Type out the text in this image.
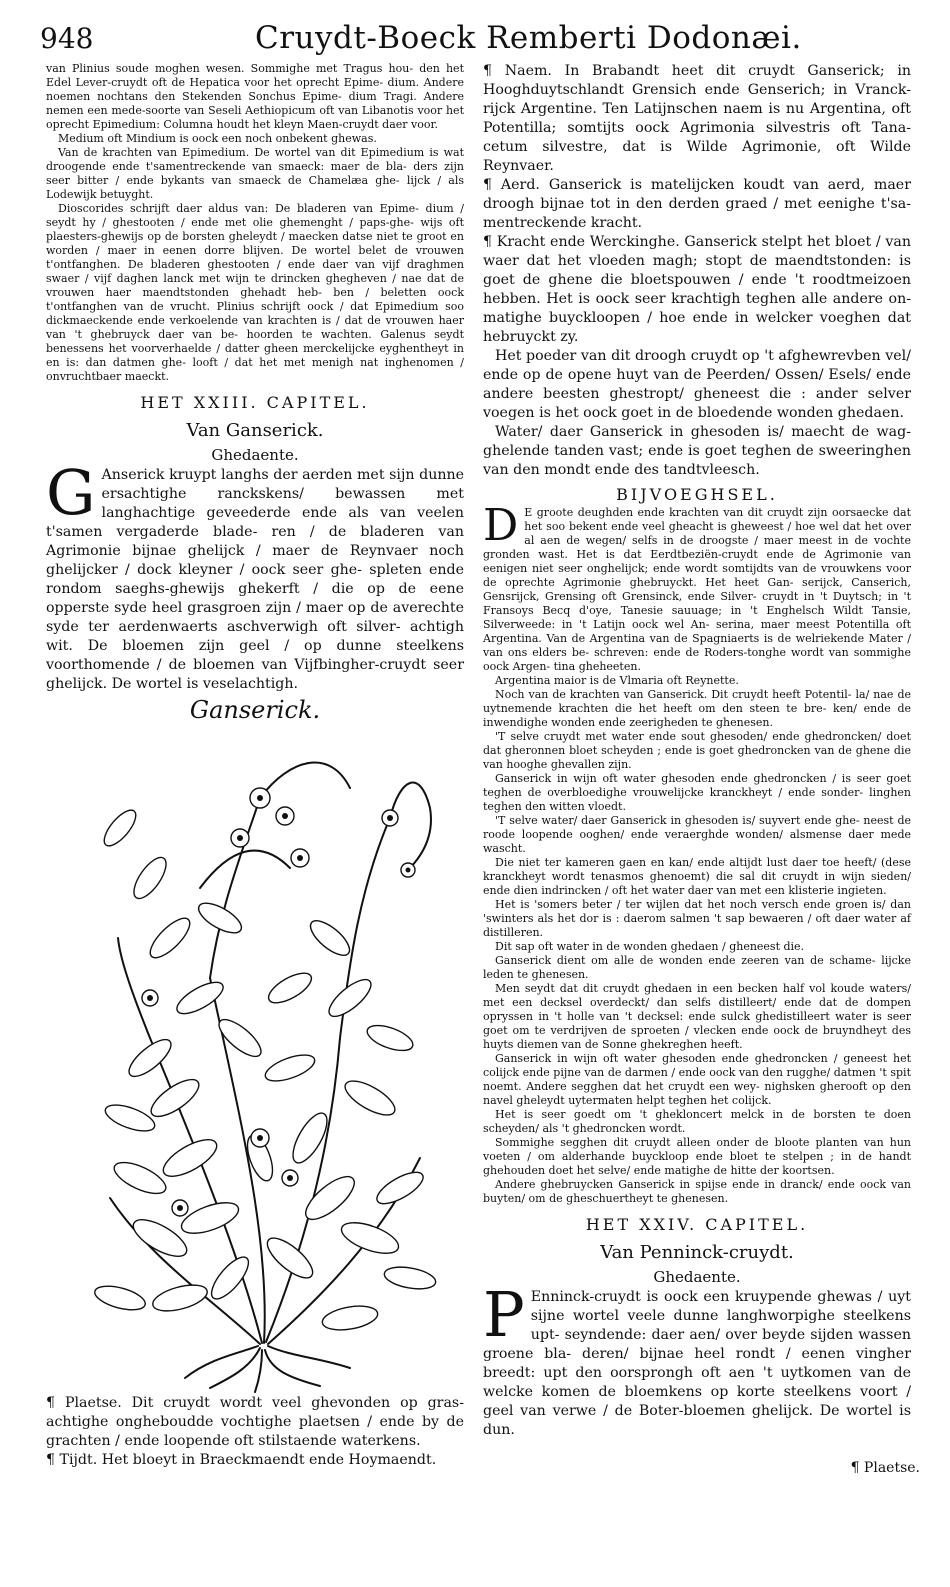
948	Cruydt-Boeck Remberti Dodonæi.

van Plinius soude moghen wesen. Sommighe met Tragus hou- den het Edel Lever-cruydt oft de Hepatica voor het oprecht Epime- dium. Andere noemen nochtans den Stekenden Sonchus Epime- dium Tragi. Andere nemen een mede-soorte van Seseli Aethiopicum oft van Libanotis voor het oprecht Epimedium: Columna houdt het kleyn Maen-cruydt daer voor.

Medium oft Mindium is oock een noch onbekent ghewas.

Van de krachten van Epimedium. De wortel van dit Epimedium is wat droogende ende t'samentreckende van smaeck: maer de bla- ders zijn seer bitter / ende bykants van smaeck de Chamelæa ghe- lijck / als Lodewijk betuyght.

Dioscorides schrijft daer aldus van: De bladeren van Epime- dium / seydt hy / ghestooten / ende met olie ghemenght / paps-ghe- wijs oft plaesters-ghewijs op de borsten gheleydt / maecken datse niet te groot en worden / maer in eenen dorre blijven. De wortel belet de vrouwen t'ontfanghen. De bladeren ghestooten / ende daer van vijf draghmen swaer / vijf daghen lanck met wijn te drincken ghegheven / nae dat de vrouwen haer maendtstonden ghehadt heb- ben / beletten oock t'ontfanghen van de vrucht. Plinius schrijft oock / dat Epimedium soo dickmaeckende ende verkoelende van krachten is / dat de vrouwen haer van 't ghebruyck daer van be- hoorden te wachten. Galenus seydt benessens het voorverhaelde / datter gheen merckelijcke eyghentheyt in en is: dan datmen ghe- looft / dat het met menigh nat inghenomen / onvruchtbaer maeckt.

HET XXIII. CAPITEL.

Van Ganserick.

Ghedaente.

G Anserick kruypt langhs der aerden met sijn dunne ersachtighe ranckskens/ bewassen met langhachtige geveederde ende als van veelen t'samen vergaderde blade- ren / de bladeren van Agrimonie bijnae ghelijck / maer de Reynvaer noch ghelijcker / dock kleyner / oock seer ghe- spleten ende rondom saeghs-ghewijs ghekerft / die op de eene opperste syde heel grasgroen zijn / maer op de averechte syde ter aerdenwaerts aschverwigh oft silver- achtigh wit. De bloemen zijn geel / op dunne steelkens voorthomende / de bloemen van Vijfbingher-cruydt seer ghelijck. De wortel is veselachtigh.

Ganserick.

¶ Plaetse. Dit cruydt wordt veel ghevonden op gras- achtighe ongheboudde vochtighe plaetsen / ende by de grachten / ende loopende oft stilstaende waterkens.

¶ Tijdt. Het bloeyt in Braeckmaendt ende Hoymaendt.

¶ Naem. In Brabandt heet dit cruydt Ganserick; in Hooghduytschlandt Grensich ende Genserich; in Vranck- rijck Argentine. Ten Latijnschen naem is nu Argentina, oft Potentilla; somtijts oock Agrimonia silvestris oft Tana- cetum silvestre, dat is Wilde Agrimonie, oft Wilde Reynvaer.

¶ Aerd. Ganserick is matelijcken koudt van aerd, maer droogh bijnae tot in den derden graed / met eenighe t'sa- mentreckende kracht.

¶ Kracht ende Werckinghe. Ganserick stelpt het bloet / van waer dat het vloeden magh; stopt de maendtstonden: is goet de ghene die bloetspouwen / ende 't roodtmeizoen hebben. Het is oock seer krachtigh teghen alle andere on- matighe buyckloopen / hoe ende in welcker voeghen dat hebruyckt zy.

Het poeder van dit droogh cruydt op 't afghewrevben vel/ ende op de opene huyt van de Peerden/ Ossen/ Esels/ ende andere beesten ghestropt/ gheneest die : ander selver voegen is het oock goet in de bloedende wonden ghedaen.

Water/ daer Ganserick in ghesoden is/ maecht de wag- ghelende tanden vast; ende is goet teghen de sweeringhen van den mondt ende des tandtvleesch.

BIJVOEGHSEL.

D E groote deughden ende krachten van dit cruydt zijn oorsaecke dat het soo bekent ende veel gheacht is gheweest / hoe wel dat het over al aen de wegen/ selfs in de droogste / maer meest in de vochte gronden wast. Het is dat Eerdtbeziën-cruydt ende de Agrimonie van eenigen niet seer onghelijck; ende wordt somtijdts van de vrouwkens voor de oprechte Agrimonie ghebruyckt. Het heet Gan- serijck, Canserich, Gensrijck, Grensing oft Grensinck, ende Silver- cruydt in 't Duytsch; in 't Fransoys Becq d'oye, Tanesie sauuage; in 't Enghelsch Wildt Tansie, Silverweede: in 't Latijn oock wel An- serina, maer meest Potentilla oft Argentina. Van de Argentina van de Spagniaerts is de welriekende Mater / van ons elders be- schreven: ende de Roders-tonghe wordt van sommighe oock Argen- tina gheheeten.

Argentina maior is de Vlmaria oft Reynette.

Noch van de krachten van Ganserick. Dit cruydt heeft Potentil- la/ nae de uytnemende krachten die het heeft om den steen te bre- ken/ ende de inwendighe wonden ende zeerigheden te ghenesen.

'T selve cruydt met water ende sout ghesoden/ ende ghedroncken/ doet dat gheronnen bloet scheyden ; ende is goet ghedroncken van de ghene die van hooghe ghevallen zijn.

Ganserick in wijn oft water ghesoden ende ghedroncken / is seer goet teghen de overbloedighe vrouwelijcke kranckheyt / ende sonder- linghen teghen den witten vloedt.

'T selve water/ daer Ganserick in ghesoden is/ suyvert ende ghe- neest de roode loopende ooghen/ ende veraerghde wonden/ alsmense daer mede wascht.

Die niet ter kameren gaen en kan/ ende altijdt lust daer toe heeft/ (dese kranckheyt wordt tenasmos ghenoemt) die sal dit cruydt in wijn sieden/ ende dien indrincken / oft het water daer van met een klisterie ingieten.

Het is 'somers beter / ter wijlen dat het noch versch ende groen is/ dan 'swinters als het dor is : daerom salmen 't sap bewaeren / oft daer water af distilleren.

Dit sap oft water in de wonden ghedaen / gheneest die.

Ganserick dient om alle de wonden ende zeeren van de schame- lijcke leden te ghenesen.

Men seydt dat dit cruydt ghedaen in een becken half vol koude waters/ met een decksel overdeckt/ dan selfs distilleert/ ende dat de dompen opryssen in 't holle van 't decksel: ende sulck ghedistilleert water is seer goet om te verdrijven de sproeten / vlecken ende oock de bruyndheyt des huyts diemen van de Sonne ghekreghen heeft.

Ganserick in wijn oft water ghesoden ende ghedroncken / geneest het colijck ende pijne van de darmen / ende oock van den rugghe/ datmen 't spit noemt. Andere segghen dat het cruydt een wey- nighsken gherooft op den navel gheleydt uytermaten helpt teghen het colijck.

Het is seer goedt om 't ghekloncert melck in de borsten te doen scheyden/ als 't ghedroncken wordt.

Sommighe segghen dit cruydt alleen onder de bloote planten van hun voeten / om alderhande buyckloop ende bloet te stelpen ; in de handt ghehouden doet het selve/ ende matighe de hitte der koortsen.

Andere ghebruycken Ganserick in spijse ende in dranck/ ende oock van buyten/ om de gheschuertheyt te ghenesen.

HET XXIV. CAPITEL.

Van Penninck-cruydt.

Ghedaente.

P Enninck-cruydt is oock een kruypende ghewas / uyt sijne wortel veele dunne langhworpighe steelkens upt- seyndende: daer aen/ over beyde sijden wassen groene bla- deren/ bijnae heel rondt / eenen vingher breedt: upt den oorsprongh oft aen 't uytkomen van de welcke komen de bloemkens op korte steelkens voort / geel van verwe / de Boter-bloemen ghelijck. De wortel is dun.

¶ Plaetse.
